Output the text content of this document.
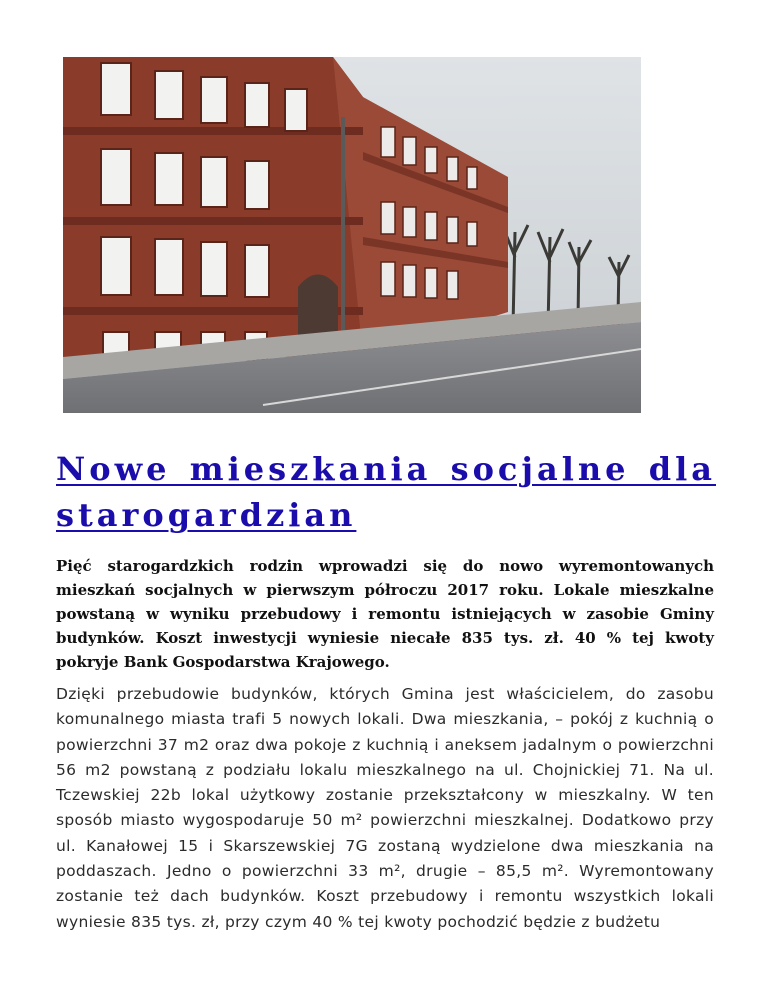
Nowe mieszkania socjalne dla starogardzian

Pięć starogardzkich rodzin wprowadzi się do nowo wyremontowanych mieszkań socjalnych w pierwszym półroczu 2017 roku. Lokale mieszkalne powstaną w wyniku przebudowy i remontu istniejących w zasobie Gminy budynków. Koszt inwestycji wyniesie niecałe 835 tys. zł. 40 % tej kwoty pokryje Bank Gospodarstwa Krajowego.

Dzięki przebudowie budynków, których Gmina jest właścicielem, do zasobu komunalnego miasta trafi 5 nowych lokali. Dwa mieszkania, – pokój z kuchnią o powierzchni 37 m2 oraz dwa pokoje z kuchnią i aneksem jadalnym o powierzchni 56 m2 powstaną z podziału lokalu mieszkalnego na ul. Chojnickiej 71. Na ul. Tczewskiej 22b lokal użytkowy zostanie przekształcony w mieszkalny. W ten sposób miasto wygospodaruje 50 m² powierzchni mieszkalnej. Dodatkowo przy ul. Kanałowej 15 i Skarszewskiej 7G zostaną wydzielone dwa mieszkania na poddaszach. Jedno o powierzchni 33 m², drugie – 85,5 m². Wyremontowany zostanie też dach budynków. Koszt przebudowy i remontu wszystkich lokali wyniesie 835 tys. zł, przy czym 40 % tej kwoty pochodzić będzie z budżetu
